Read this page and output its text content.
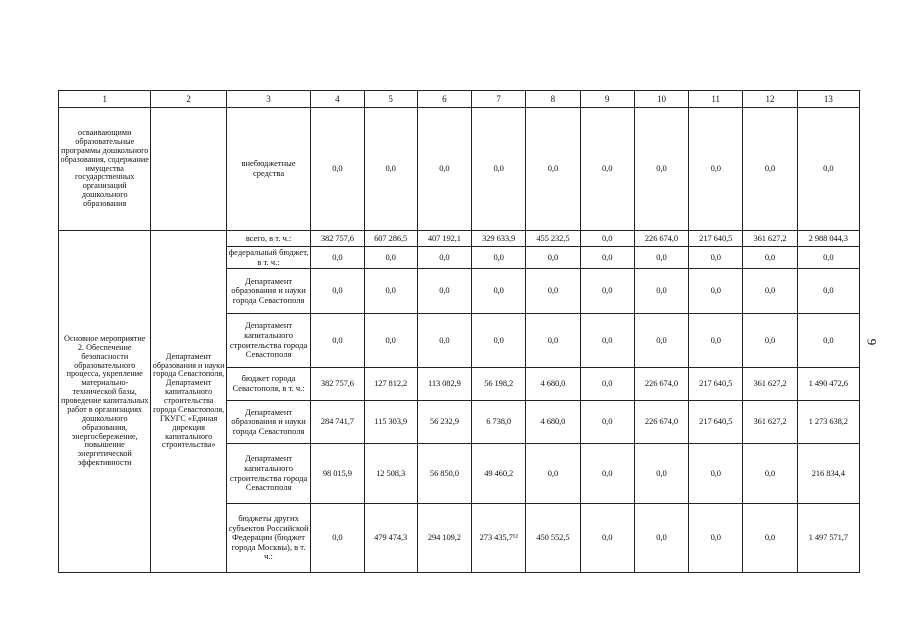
1	2	3	4	5	6	7	8	9	10	11	12	13
осваивающими образовательные программы дошкольного образования, содержание имущества государственных организаций дошкольного образования		внебюджетные средства	0,0	0,0	0,0	0,0	0,0	0,0	0,0	0,0	0,0	0,0
Основное мероприятие 2. Обеспечение безопасности образовательного процесса, укрепление материально-технической базы, проведение капитальных работ в организациях дошкольного образования, энергосбережение, повышение энергетической эффективности	Департамент образования и науки города Севастополя, Департамент капитального строительства города Севастополя, ГКУГС «Единая дирекция капитального строительства»	всего, в т. ч.:	382 757,6	607 286,5	407 192,1	329 633,9	455 232,5	0,0	226 674,0	217 640,5	361 627,2	2 988 044,3
		федеральный бюджет, в т. ч.:	0,0	0,0	0,0	0,0	0,0	0,0	0,0	0,0	0,0	0,0
		Департамент образования и науки города Севастополя	0,0	0,0	0,0	0,0	0,0	0,0	0,0	0,0	0,0	0,0
		Департамент капитального строительства города Севастополя	0,0	0,0	0,0	0,0	0,0	0,0	0,0	0,0	0,0	0,0
		бюджет города Севастополя, в т. ч.:	382 757,6	127 812,2	113 082,9	56 198,2	4 680,0	0,0	226 674,0	217 640,5	361 627,2	1 490 472,6
		Департамент образования и науки города Севастополя	284 741,7	115 303,9	56 232,9	6 738,0	4 680,0	0,0	226 674,0	217 640,5	361 627,2	1 273 638,2
		Департамент капитального строительства города Севастополя	98 015,9	12 508,3	56 850,0	49 460,2	0,0	0,0	0,0	0,0	0,0	216 834,4
		бюджеты других субъектов Российской Федерации (бюджет города Москвы), в т. ч.:	0,0	479 474,3	294 109,2	273 435,7¹²	450 552,5	0,0	0,0	0,0	0,0	1 497 571,7
9
